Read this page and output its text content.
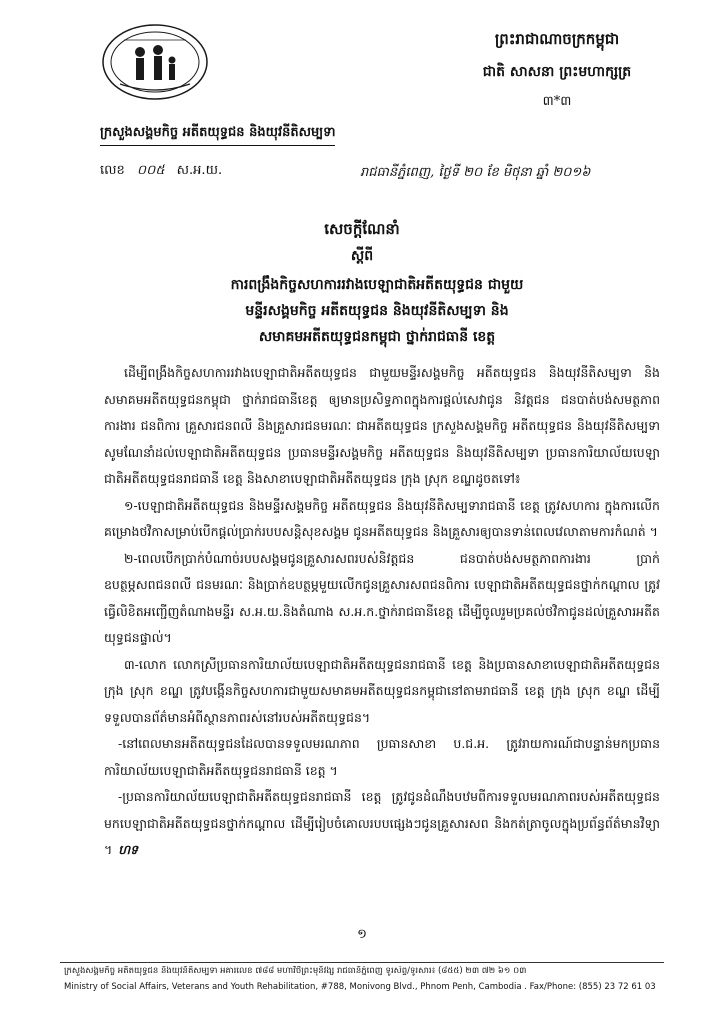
ព្រះរាជាណាចក្រកម្ពុជា
ជាតិ សាសនា ព្រះមហាក្សត្រ
៣*៣
ក្រសួងសង្គមកិច្ច អតីតយុទ្ធជន និងយុវនីតិសម្បទា
លេខ ០០៥ ស.អ.យ.	រាជធានីភ្នំពេញ, ថ្ងៃទី ២០ ខែ មិថុនា ឆ្នាំ ២០១៦
សេចក្ដីណែនាំ
ស្ដីពី
ការពង្រឹងកិច្ចសហការរវាងបេឡាជាតិអតីតយុទ្ធជន ជាមួយ
មន្ទីរសង្គមកិច្ច អតីតយុទ្ធជន និងយុវនីតិសម្បទា និង
សមាគមអតីតយុទ្ធជនកម្ពុជា ថ្នាក់រាជធានី ខេត្ត

ដើម្បីពង្រឹងកិច្ចសហការរវាងបេឡាជាតិអតីតយុទ្ធជន ជាមួយមន្ទីរសង្គមកិច្ច អតីតយុទ្ធជន និងយុវនីតិសម្បទា និងសមាគមអតីតយុទ្ធជនកម្ពុជា ថ្នាក់រាជធានីខេត្ត ឲ្យមានប្រសិទ្ធភាពក្នុងការផ្ដល់សេវាជូន និវត្តជន ជនបាត់បង់សមត្ថភាពការងារ ជនពិការ គ្រួសារជនពលី និងគ្រួសារជនមរណៈ ជាអតីតយុទ្ធជន ក្រសួងសង្គមកិច្ច អតីតយុទ្ធជន និងយុវនីតិសម្បទា សូមណែនាំដល់បេឡាជាតិអតីតយុទ្ធជន ប្រធានមន្ទីរសង្គមកិច្ច អតីតយុទ្ធជន និងយុវនីតិសម្បទា ប្រធានការិយាល័យបេឡាជាតិអតីតយុទ្ធជនរាជធានី ខេត្ត និងសាខាបេឡាជាតិអតីតយុទ្ធជន ក្រុង ស្រុក ខណ្ឌដូចតទៅ៖

១-បេឡាជាតិអតីតយុទ្ធជន និងមន្ទីរសង្គមកិច្ច អតីតយុទ្ធជន និងយុវនីតិសម្បទារាជធានី ខេត្ត ត្រូវសហការ ក្នុងការលើកគម្រោងថវិកាសម្រាប់បើកផ្ដល់ប្រាក់របបសន្តិសុខសង្គម ជូនអតីតយុទ្ធជន និងគ្រួសារឲ្យបានទាន់ពេលវេលាតាមការកំណត់ ។

២-ពេលបើកប្រាក់បំណាច់របបសង្គមជូនគ្រួសារសពរបស់និវត្តជន ជនបាត់បង់សមត្ថភាពការងារ ប្រាក់ឧបត្ថម្ភសពជនពលី ជនមរណៈ និងប្រាក់ឧបត្ថម្ភមួយលើកជូនគ្រួសារសពជនពិការ បេឡាជាតិអតីតយុទ្ធជនថ្នាក់កណ្ដាល ត្រូវធ្វើលិខិតអញ្ជើញតំណាងមន្ទីរ ស.អ.យ.និងតំណាង ស.អ.ក.ថ្នាក់រាជធានីខេត្ត ដើម្បីចូលរួមប្រគល់ថវិកាជូនដល់គ្រួសារអតីតយុទ្ធជនផ្ទាល់។

៣-លោក លោកស្រីប្រធានការិយាល័យបេឡាជាតិអតីតយុទ្ធជនរាជធានី ខេត្ត និងប្រធានសាខាបេឡាជាតិអតីតយុទ្ធជនក្រុង ស្រុក ខណ្ឌ ត្រូវបង្កើនកិច្ចសហការជាមួយសមាគមអតីតយុទ្ធជនកម្ពុជានៅតាមរាជធានី ខេត្ត ក្រុង ស្រុក ខណ្ឌ ដើម្បីទទួលបានព័ត៌មានអំពីស្ថានភាពរស់នៅរបស់អតីតយុទ្ធជន។

-នៅពេលមានអតីតយុទ្ធជនដែលបានទទួលមរណភាព ប្រធានសាខា ប.ជ.អ. ត្រូវរាយការណ៍ជាបន្ទាន់មកប្រធានការិយាល័យបេឡាជាតិអតីតយុទ្ធជនរាជធានី ខេត្ត ។

-ប្រធានការិយាល័យបេឡាជាតិអតីតយុទ្ធជនរាជធានី ខេត្ត ត្រូវជូនដំណឹងបឋមពីការទទួលមរណភាពរបស់អតីតយុទ្ធជន មកបេឡាជាតិអតីតយុទ្ធជនថ្នាក់កណ្ដាល ដើម្បីរៀបចំគោលរបបផ្សេងៗជូនគ្រួសារសព និងកត់ត្រាចូលក្នុងប្រព័ន្ធព័ត៌មានវិទ្យា ។ ហទ

១
ក្រសួងសង្គមកិច្ច អតីតយុទ្ធជន និងយុវនីតិសម្បទា អគារលេខ ៧៨៨ មហាវិថីព្រះមុនីវង្ស រាជធានីភ្នំពេញ ទូរស័ព្ទ/ទូរសារ៖ (៨៥៥) ២៣ ៧២ ៦១ ០៣
Ministry of Social Affairs, Veterans and Youth Rehabilitation, #788, Monivong Blvd., Phnom Penh, Cambodia . Fax/Phone: (855) 23 72 61 03
